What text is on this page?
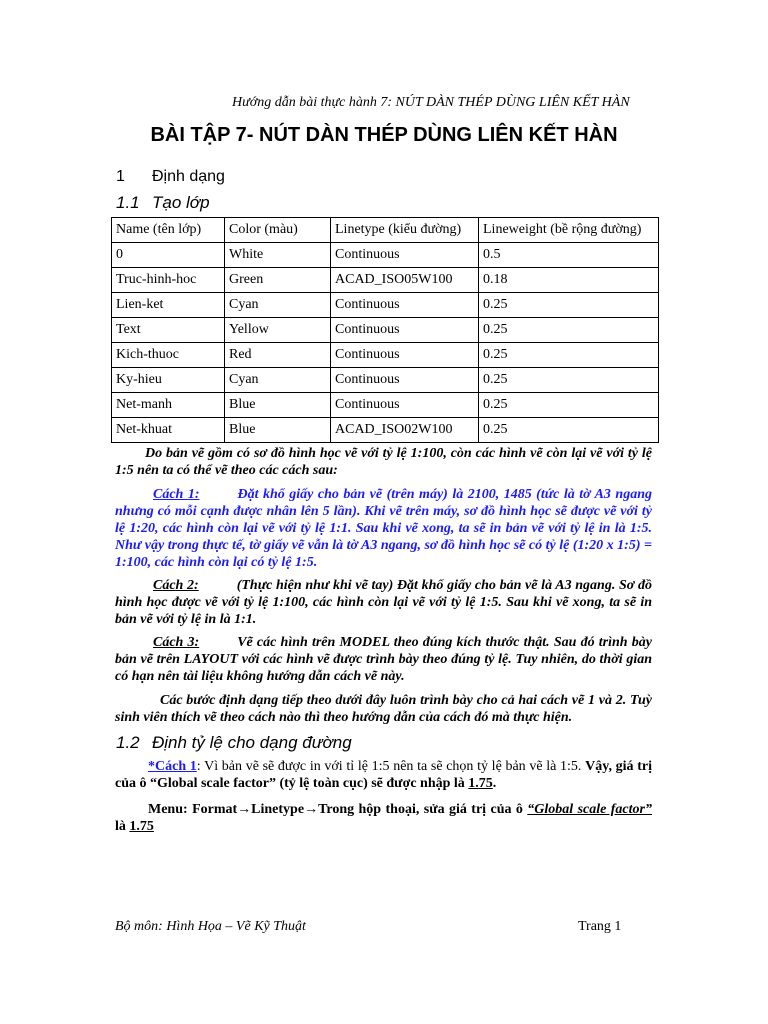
Hướng dẫn bài thực hành 7: NÚT DÀN THÉP DÙNG LIÊN KẾT HÀN
BÀI TẬP 7- NÚT DÀN THÉP DÙNG LIÊN KẾT HÀN
1 Định dạng
1.1 Tạo lớp
Name (tên lớp)	Color (màu)	Linetype (kiểu đường)	Lineweight (bề rộng đường)
0	White	Continuous	0.5
Truc-hinh-hoc	Green	ACAD_ISO05W100	0.18
Lien-ket	Cyan	Continuous	0.25
Text	Yellow	Continuous	0.25
Kich-thuoc	Red	Continuous	0.25
Ky-hieu	Cyan	Continuous	0.25
Net-manh	Blue	Continuous	0.25
Net-khuat	Blue	ACAD_ISO02W100	0.25
Do bản vẽ gồm có sơ đồ hình học vẽ với tỷ lệ 1:100, còn các hình vẽ còn lại vẽ với tỷ lệ 1:5 nên ta có thể vẽ theo các cách sau:
Cách 1:	Đặt khổ giấy cho bản vẽ (trên máy) là 2100, 1485 (tức là tờ A3 ngang nhưng có mỗi cạnh được nhân lên 5 lần). Khi vẽ trên máy, sơ đồ hình học sẽ được vẽ với tỷ lệ 1:20, các hình còn lại vẽ với tỷ lệ 1:1. Sau khi vẽ xong, ta sẽ in bản vẽ với tỷ lệ in là 1:5. Như vậy trong thực tế, tờ giấy vẽ vẫn là tờ A3 ngang, sơ đồ hình học sẽ có tỷ lệ (1:20 x 1:5) = 1:100, các hình còn lại có tỷ lệ 1:5.
Cách 2:	(Thực hiện như khi vẽ tay) Đặt khổ giấy cho bản vẽ là A3 ngang. Sơ đồ hình học được vẽ với tỷ lệ 1:100, các hình còn lại vẽ với tỷ lệ 1:5. Sau khi vẽ xong, ta sẽ in bản vẽ với tỷ lệ in là 1:1.
Cách 3:	Vẽ các hình trên MODEL theo đúng kích thước thật. Sau đó trình bày bản vẽ trên LAYOUT với các hình vẽ được trình bày theo đúng tỷ lệ. Tuy nhiên, do thời gian có hạn nên tài liệu không hướng dẫn cách vẽ này.
Các bước định dạng tiếp theo dưới đây luôn trình bày cho cả hai cách vẽ 1 và 2. Tuỳ sinh viên thích vẽ theo cách nào thì theo hướng dẫn của cách đó mà thực hiện.
1.2 Định tỷ lệ cho dạng đường
*Cách 1: Vì bản vẽ sẽ được in với tỉ lệ 1:5 nên ta sẽ chọn tỷ lệ bản vẽ là 1:5. Vậy, giá trị của ô “Global scale factor” (tỷ lệ toàn cục) sẽ được nhập là 1.75.
Menu: Format→Linetype→Trong hộp thoại, sửa giá trị của ô “Global scale factor” là 1.75
Bộ môn: Hình Họa – Vẽ Kỹ Thuật	Trang 1
